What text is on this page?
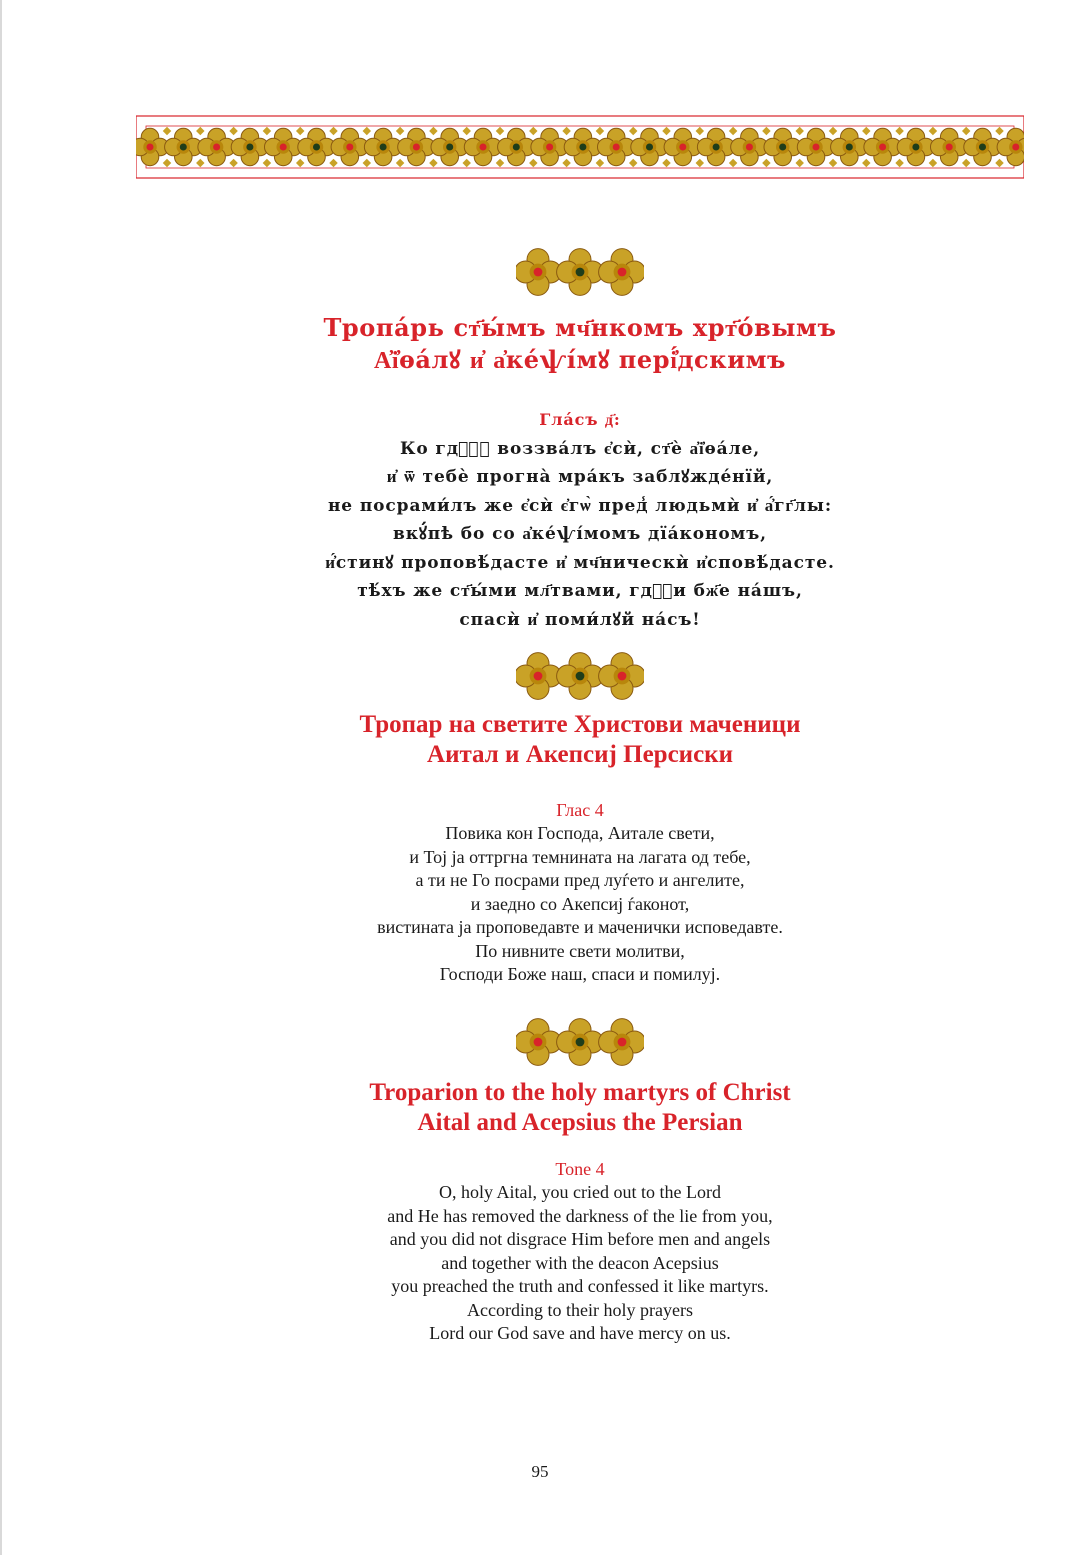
Тропа́рь ст҃ы́мъ мч҃нкомъ хрт҃о́вымъ
А҆і҆ѳа́лꙋ и҆ а҆ке́ѱі́мꙋ пері҆́дскимъ
Гла́съ д҃:
Ко гдⷭ҇ꙋ воззва́лъ є҆сѝ, ст҃ѐ а҆і҆ѳа́ле,
и҆ ѿ тебѐ прогна̀ мра́къ заблꙋжде́нїй,
не посрами́лъ же є҆сѝ є҆гѡ̀ пред̾ людьмѝ и҆ а҆́гг҃лы:
вкꙋ́пѣ бо со а҆ке́ѱі́момъ дїа́кономъ,
и҆́стинꙋ проповѣ́дасте и҆ мч҃ническѝ и҆сповѣ́дасте.
тѣ́хъ же ст҃ы́ми мл҃твами, гдⷭ҇и бж҃е на́шъ,
спасѝ и҆ поми́лꙋй на́съ!
Тропар на светите Христови маченици
Аитал и Акепсиј Персиски
Глас 4
Повика кон Господа, Аитале свети,
и Тој ја оттргна темнината на лагата од тебе,
а ти не Го посрами пред луѓето и ангелите,
и заедно со Акепсиј ѓаконот,
вистината ја проповедавте и маченички исповедавте.
По нивните свети молитви,
Господи Боже наш, спаси и помилуј.
Troparion to the holy martyrs of Christ
Aital and Acepsius the Persian
Tone 4
O, holy Aital, you cried out to the Lord
and He has removed the darkness of the lie from you,
and you did not disgrace Him before men and angels
and together with the deacon Acepsius
you preached the truth and confessed it like martyrs.
According to their holy prayers
Lord our God save and have mercy on us.
95
